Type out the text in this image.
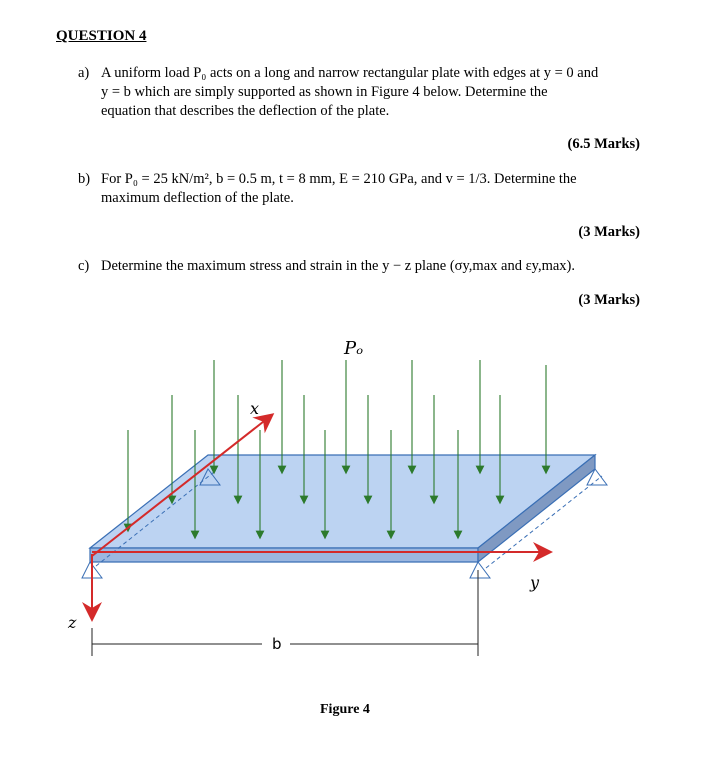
QUESTION 4
a) A uniform load P₀ acts on a long and narrow rectangular plate with edges at y = 0 and
y = b which are simply supported as shown in Figure 4 below. Determine the
equation that describes the deflection of the plate.
(6.5 Marks)
b) For P₀ = 25 kN/m², b = 0.5 m, t = 8 mm, E = 210 GPa, and v = 1/3. Determine the
maximum deflection of the plate.
(3 Marks)
c) Determine the maximum stress and strain in the y − z plane (σy,max and εy,max).
(3 Marks)
Pₒ
x
y
z
b
Figure 4
